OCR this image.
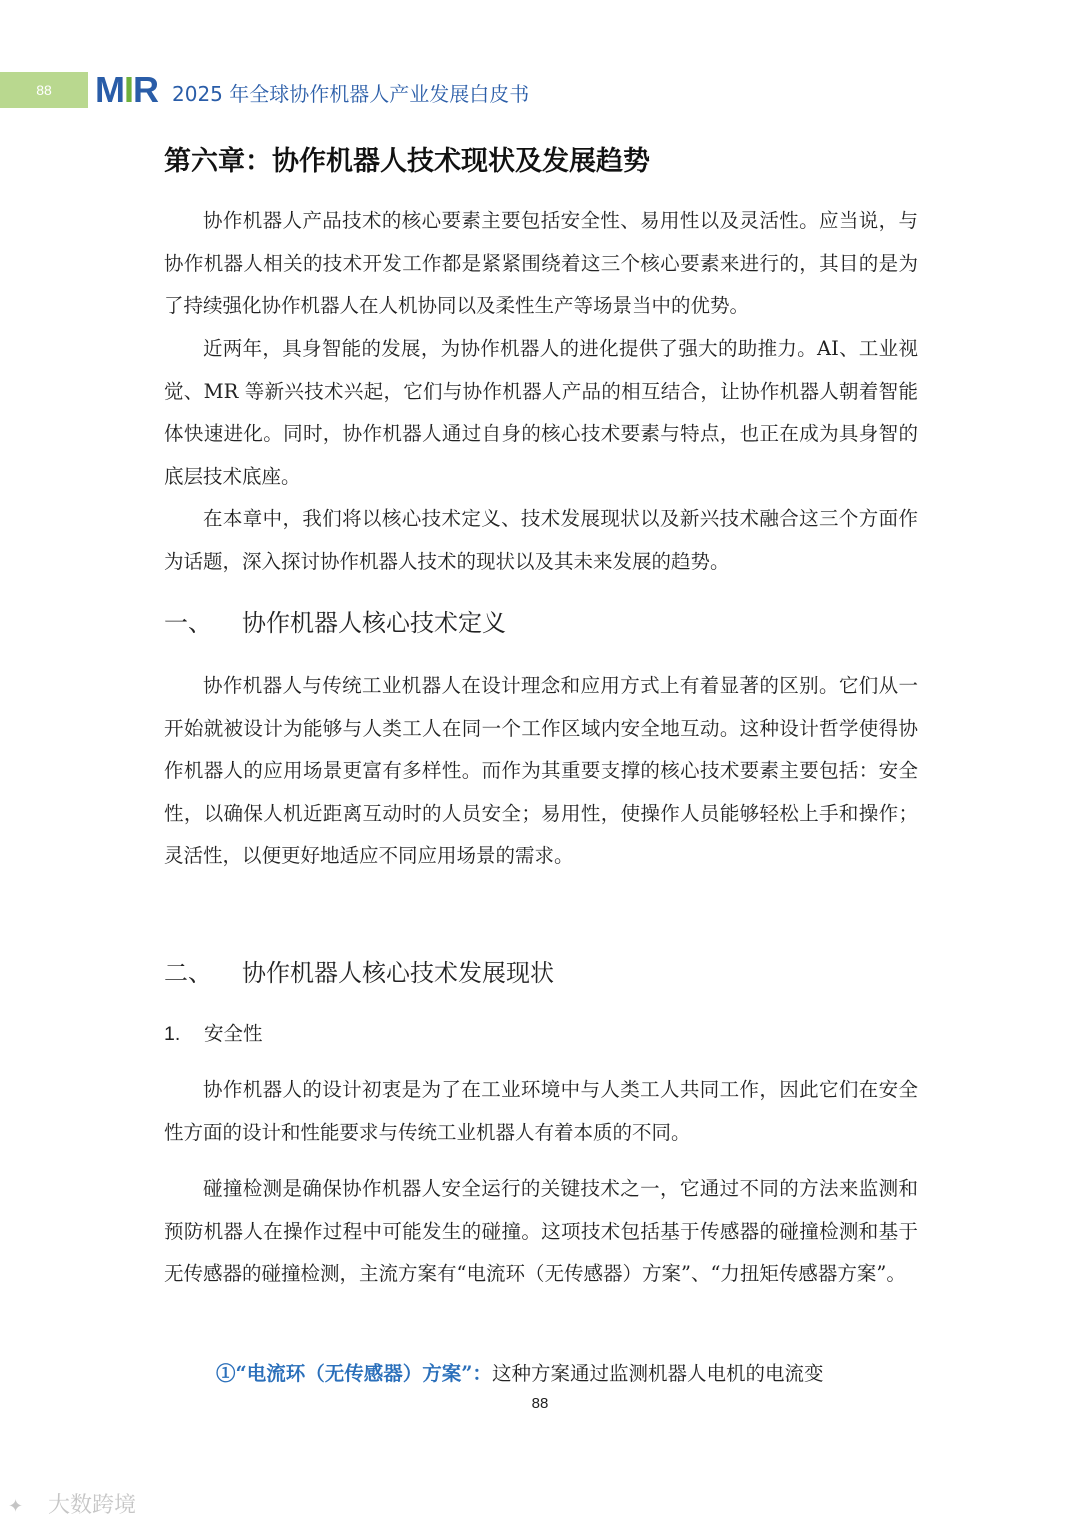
88	MIR 2025 年全球协作机器人产业发展白皮书
第六章：协作机器人技术现状及发展趋势

协作机器人产品技术的核心要素主要包括安全性、易用性以及灵活性。应当说，与协作机器人相关的技术开发工作都是紧紧围绕着这三个核心要素来进行的，其目的是为了持续强化协作机器人在人机协同以及柔性生产等场景当中的优势。

近两年，具身智能的发展，为协作机器人的进化提供了强大的助推力。AI、工业视觉、MR 等新兴技术兴起，它们与协作机器人产品的相互结合，让协作机器人朝着智能体快速进化。同时，协作机器人通过自身的核心技术要素与特点，也正在成为具身智的底层技术底座。

在本章中，我们将以核心技术定义、技术发展现状以及新兴技术融合这三个方面作为话题，深入探讨协作机器人技术的现状以及其未来发展的趋势。

一、 协作机器人核心技术定义

协作机器人与传统工业机器人在设计理念和应用方式上有着显著的区别。它们从一开始就被设计为能够与人类工人在同一个工作区域内安全地互动。这种设计哲学使得协作机器人的应用场景更富有多样性。而作为其重要支撑的核心技术要素主要包括：安全性，以确保人机近距离互动时的人员安全；易用性，使操作人员能够轻松上手和操作；灵活性，以便更好地适应不同应用场景的需求。

二、 协作机器人核心技术发展现状
1. 安全性

协作机器人的设计初衷是为了在工业环境中与人类工人共同工作，因此它们在安全性方面的设计和性能要求与传统工业机器人有着本质的不同。

碰撞检测是确保协作机器人安全运行的关键技术之一，它通过不同的方法来监测和预防机器人在操作过程中可能发生的碰撞。这项技术包括基于传感器的碰撞检测和基于无传感器的碰撞检测，主流方案有“电流环（无传感器）方案”、“力扭矩传感器方案”。

①“电流环（无传感器）方案”：这种方案通过监测机器人电机的电流变
88
✦ 大数跨境
